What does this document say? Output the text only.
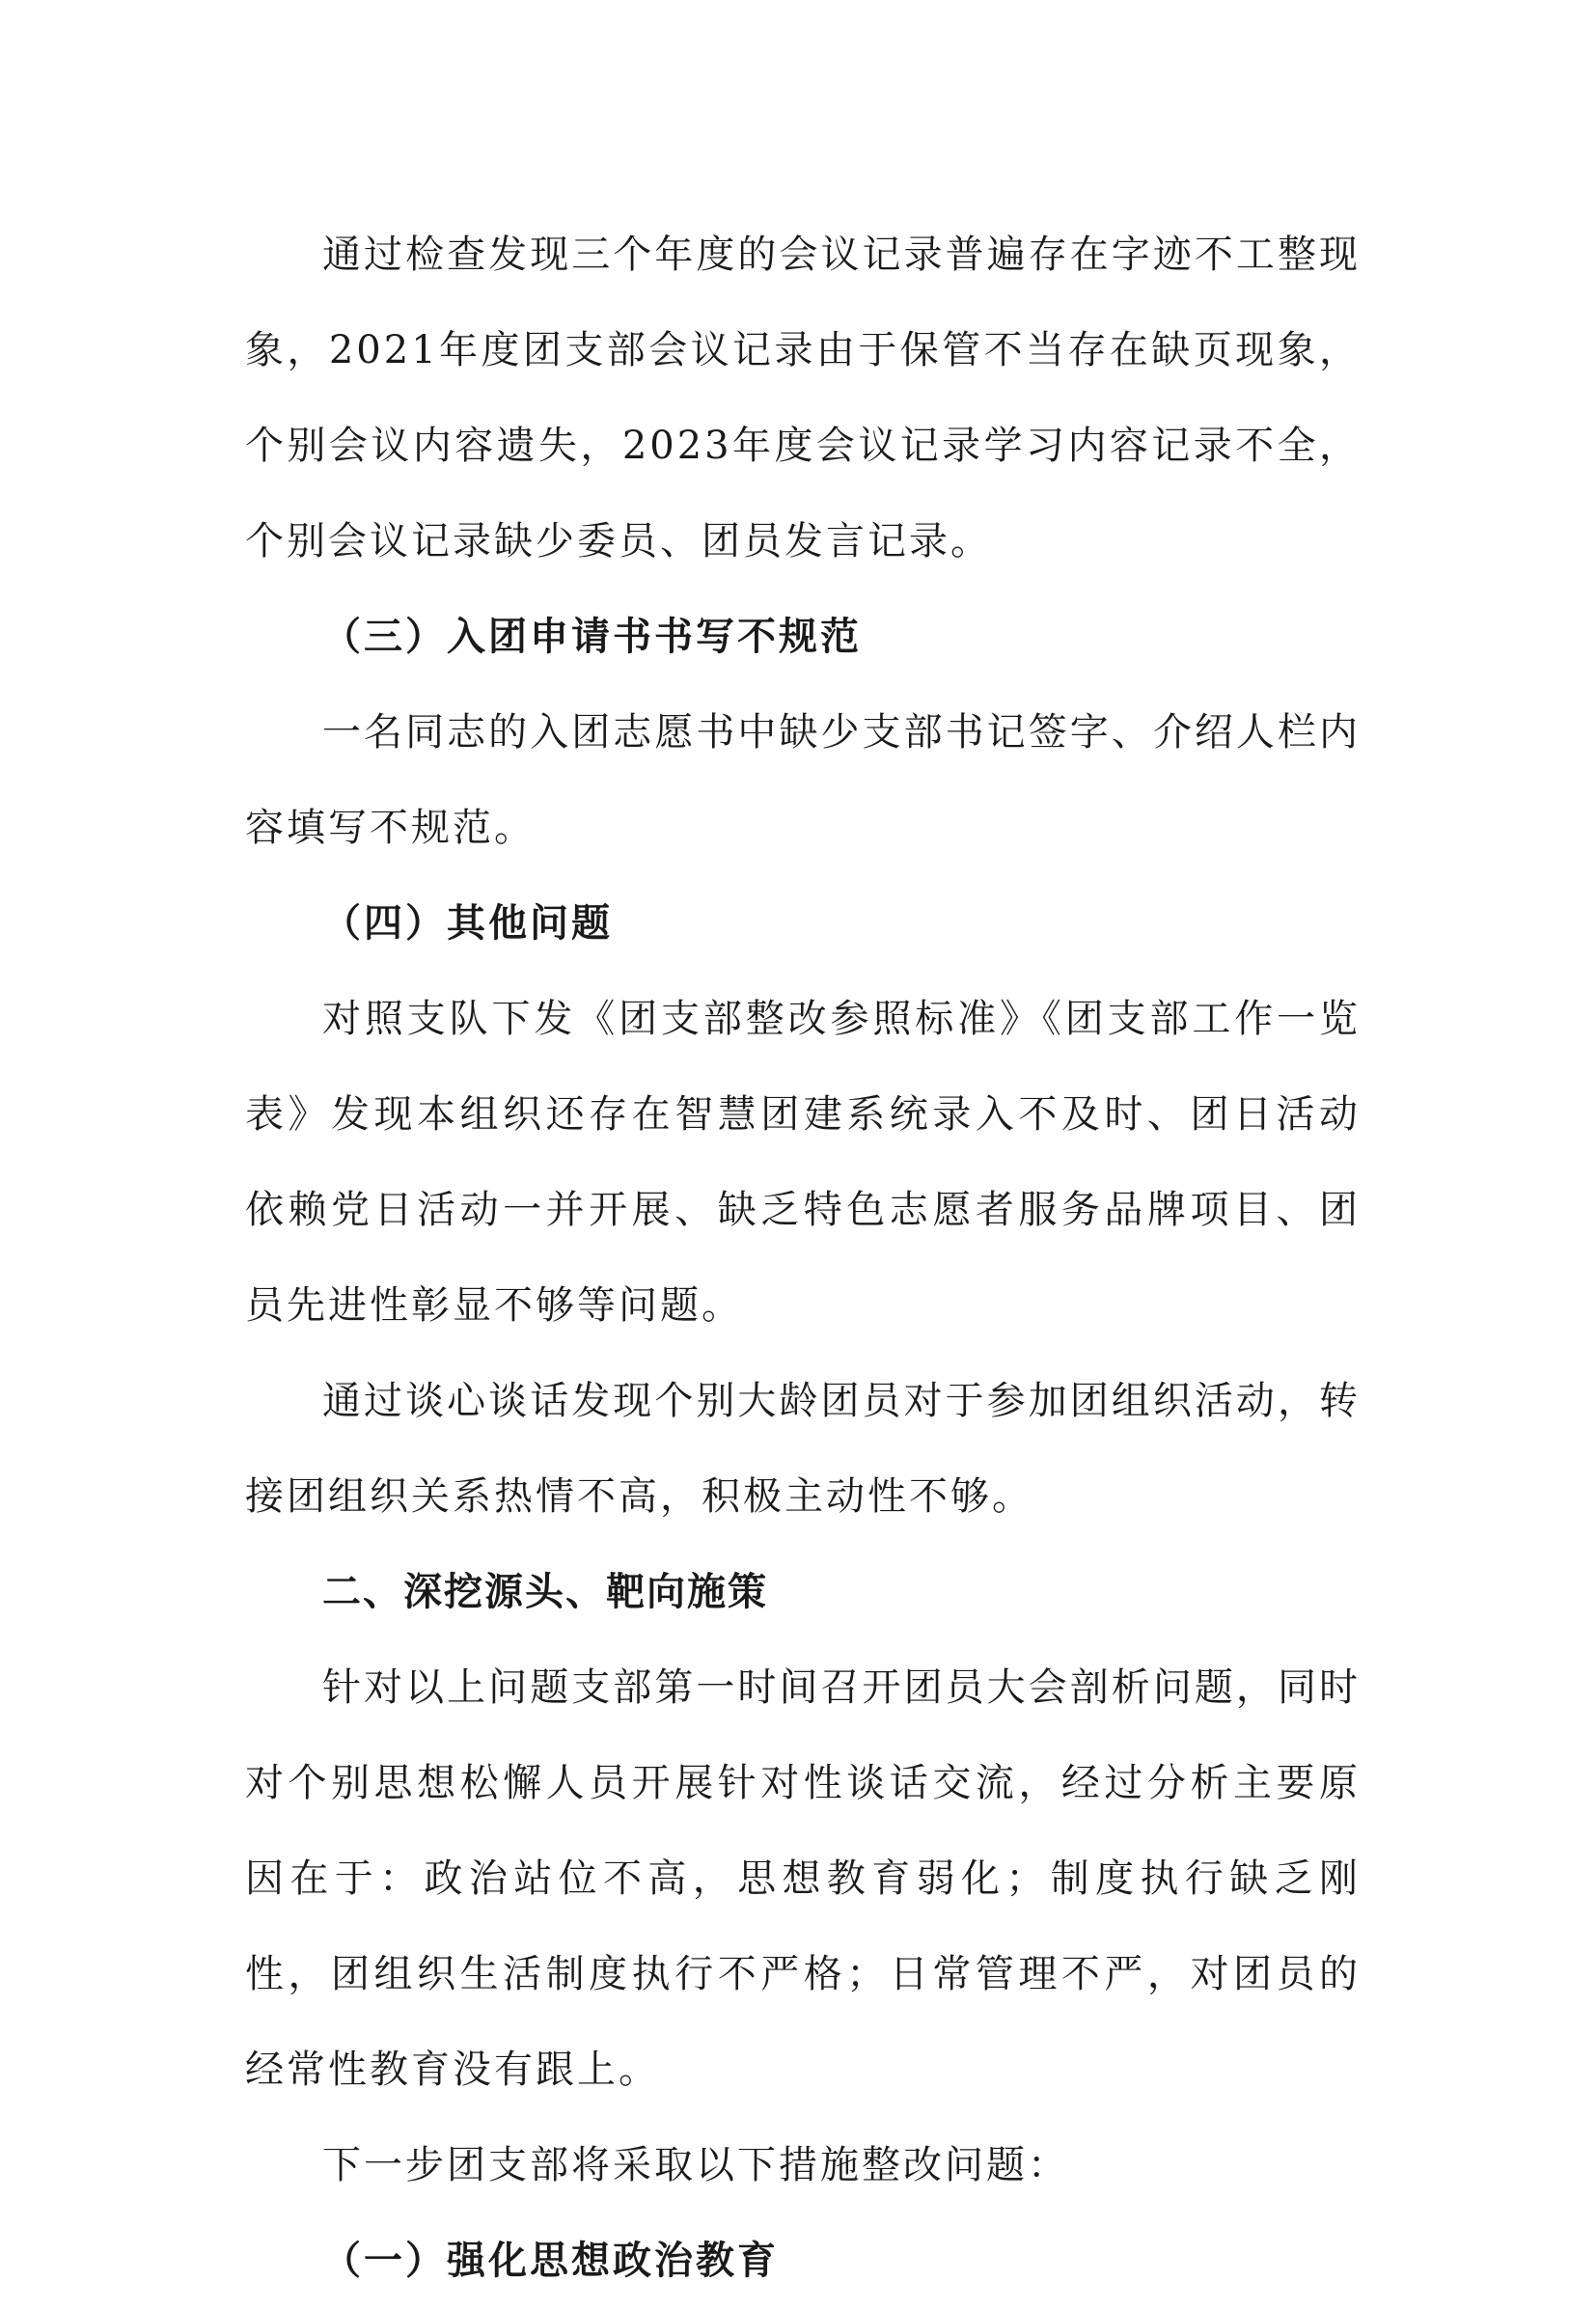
通过检查发现三个年度的会议记录普遍存在字迹不工整现象，2021年度团支部会议记录由于保管不当存在缺页现象，个别会议内容遗失，2023年度会议记录学习内容记录不全，个别会议记录缺少委员、团员发言记录。

（三）入团申请书书写不规范

一名同志的入团志愿书中缺少支部书记签字、介绍人栏内容填写不规范。

（四）其他问题

对照支队下发《团支部整改参照标准》《团支部工作一览表》发现本组织还存在智慧团建系统录入不及时、团日活动依赖党日活动一并开展、缺乏特色志愿者服务品牌项目、团员先进性彰显不够等问题。

通过谈心谈话发现个别大龄团员对于参加团组织活动，转接团组织关系热情不高，积极主动性不够。

二、深挖源头、靶向施策

针对以上问题支部第一时间召开团员大会剖析问题，同时对个别思想松懈人员开展针对性谈话交流，经过分析主要原因在于：政治站位不高，思想教育弱化；制度执行缺乏刚性，团组织生活制度执行不严格；日常管理不严，对团员的经常性教育没有跟上。

下一步团支部将采取以下措施整改问题：

（一）强化思想政治教育
